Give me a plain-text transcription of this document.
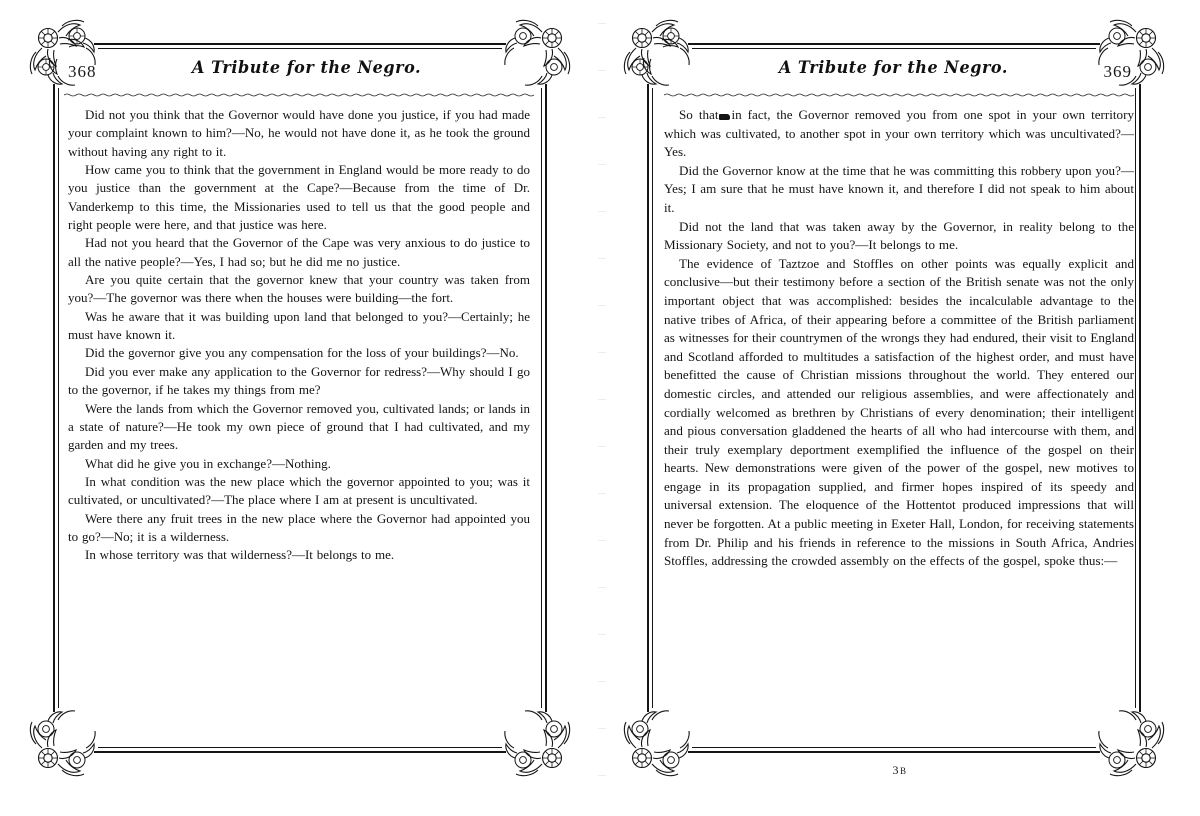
368	A Tribute for the Negro.

Did not you think that the Governor would have done you justice, if you had made your complaint known to him?—No, he would not have done it, as he took the ground without having any right to it.

How came you to think that the government in England would be more ready to do you justice than the government at the Cape?—Because from the time of Dr. Vanderkemp to this time, the Missionaries used to tell us that the good people and right people were here, and that justice was here.

Had not you heard that the Governor of the Cape was very anxious to do justice to all the native people?—Yes, I had so; but he did me no justice.

Are you quite certain that the governor knew that your country was taken from you?—The governor was there when the houses were building—the fort.

Was he aware that it was building upon land that belonged to you?—Certainly; he must have known it.

Did the governor give you any compensation for the loss of your buildings?—No.

Did you ever make any application to the Governor for redress?—Why should I go to the governor, if he takes my things from me?

Were the lands from which the Governor removed you, cultivated lands; or lands in a state of nature?—He took my own piece of ground that I had cultivated, and my garden and my trees.

What did he give you in exchange?—Nothing.

In what condition was the new place which the governor appointed to you; was it cultivated, or uncultivated?—The place where I am at present is uncultivated.

Were there any fruit trees in the new place where the Governor had appointed you to go?—No; it is a wilderness.

In whose territory was that wilderness?—It belongs to me.

369
A Tribute for the Negro.

So that in fact, the Governor removed you from one spot in your own territory which was cultivated, to another spot in your own territory which was uncultivated?—Yes.

Did the Governor know at the time that he was committing this robbery upon you?—Yes; I am sure that he must have known it, and therefore I did not speak to him about it.

Did not the land that was taken away by the Governor, in reality belong to the Missionary Society, and not to you?—It belongs to me.

The evidence of Taztzoe and Stoffles on other points was equally explicit and conclusive—but their testimony before a section of the British senate was not the only important object that was accomplished: besides the incalculable advantage to the native tribes of Africa, of their appearing before a committee of the British parliament as witnesses for their countrymen of the wrongs they had endured, their visit to England and Scotland afforded to multitudes a satisfaction of the highest order, and must have benefitted the cause of Christian missions throughout the world. They entered our domestic circles, and attended our religious assemblies, and were affectionately and cordially welcomed as brethren by Christians of every denomination; their intelligent and pious conversation gladdened the hearts of all who had intercourse with them, and their truly exemplary deportment exemplified the influence of the gospel on their hearts. New demonstrations were given of the power of the gospel, new motives to engage in its propagation supplied, and firmer hopes inspired of its speedy and universal extension. The eloquence of the Hottentot produced impressions that will never be forgotten. At a public meeting in Exeter Hall, London, for receiving statements from Dr. Philip and his friends in reference to the missions in South Africa, Andries Stoffles, addressing the crowded assembly on the effects of the gospel, spoke thus:—

3B
